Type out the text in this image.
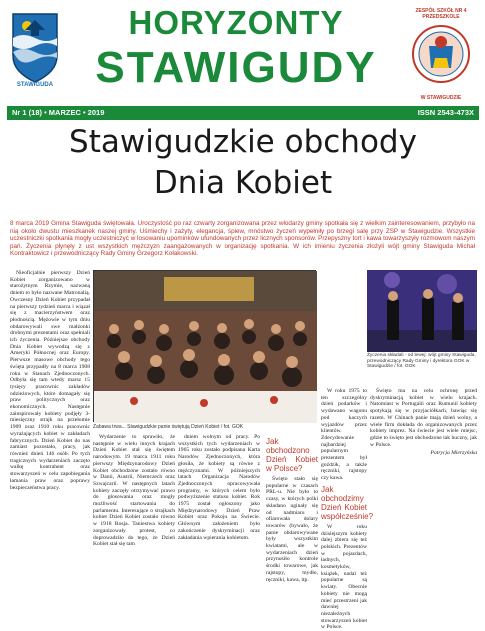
STAWIGUDA
HORYZONTY
STAWIGUDY
ZESPÓŁ SZKÓŁ NR 4 PRZEDSZKOLE
W STAWIGUDZIE
Nr 1 (18) • MARZEC • 2019	ISSN 2543-473X
Stawigudzkie obchody
Dnia Kobiet
8 marca 2019 Gmina Stawiguda świętowała. Uroczystość po raz czwarty zorganizowana przez włodarzy gminy spotkała się z wielkim zainteresowaniem, przybyło na nią około dwustu mieszkanek naszej gminy. Uśmiechy i zażyty, elegancja, śpiew, mnóstwo życzeń wypełniły po brzegi salę przy ZSP w Stawigudzie. Wszystkie uczestniczki spotkania mogły uczestniczyć w losowaniu upominków ufundowanych przez licznych sponsorów. Przepyszny tort i kawa towarzyszyły rozmowom naszym pań. Życzenia płynęły z ust wszystkich mężczyzn zaangażowanych w organizację spotkania. W ich imieniu życzenia złożyli wójt gminy Stawiguda Michał Kontraktowicz i przewodniczący Rady Gminy Grzegorz Kołakowski.

Nieoficjalnie pierwszy Dzień Kobiet zorganizowano w starożytnym Rzymie, nazwaną dniem to było nazwane Matronalią. Owczesny Dzień Kobiet przypadał na pierwszy tydzień marca i wiązał się z macierzyństwem oraz płodnością. Mężowie w tym dniu obdarowywali swe małżonki drobnymi prezentami oraz spełniali ich życzenia. Późniejsze obchody Dnia Kobiet wywodzą się z Ameryki Północnej oraz Europy. Pierwsze masowe obchody tego święta przypadły na 8 marca 1908 roku w Stanach Zjednoczonych. Odbyła się tam wtedy marsz 15 tysięcy pracownic zakładów odzieżowych, które domagały się praw politycznych oraz ekonomicznych. Następnie zainspirowały kobiety podjęły 3-miesięczny strajk na przełomie 1909 oraz 1910 roku pracownic wyrażających kobiet w zakładach fabrycznych. Dzień Kobiet do nas zamiast pozostało, pracy, jak również dnień 146 osób. Po tych tragicznych wydarzeniach zaczęto walkę kontrahent oraz stowarzyszeń w celu zapobiegania łamania praw oraz poprawy bezpieczeństwa pracy.

Zabawa trwa... Stawigudzkie panie świętują Dzień Kobiet / fot. GOK
Życzenia składali - od lewej: wójt gminy Stawiguda, przewodniczący Rady Gminy i dyrektora GOK w Stawigudzie / fot. GOK

Wydarzenie to sprawiło, że następnie w wielu innych krajach Dzień Kobiet stał się świętem narodowym. 19 marca 1911 roku pierwszy Międzynarodowy Dzień Kobiet obchodzone zostało równo w Danii, Austrii, Niemczech oraz Szwajcarii. W następnych latach kobiety zaczęły otrzymywać prawo do głosowania oraz mogły możliwość startowania do parlamentu. Interesujące o strajkach kobiet Dzień Kobiet zostało równo w 1918 Rosja. Taniestwa kobiety zorganizowały protest, co doprowadziło do tego, że Dzień Kobiet stał się tam

dniem wolnym od pracy. Po wszystkich tych wydarzeniach w 1965 roku zostało podpisana Karta Narodów Zjednoczonych, która głosiła, że kobiety są równe z mężczyznami. W późniejszych latach Organizacja Narodów Zjednoczonych opracowywała programy, w których celem było podwyższenie statusu kobiet. Rok 1975 został ogłoszony jako Międzynarodowy Dzień Praw Kobiet oraz Pokoju na Świecie. Głównym założeniem było zakończenie dyskryminacji oraz zakładania wpierania kobietom.

Jak obchodzono Dzień Kobiet w Polsce?

Święto stało się popularne w czasach PRL-u. Nie było to czasy, w których polki składano uginały się od nadmiaru i ofiarowała dolary towarów (bywało, że panie obdarowywane były wszystkim kwiatami, ale w wydarzeniach dzień przynosiło kontrole środki towarowe, jak rajstopy, mydło, ręczniki, kawa, itp.

W roku 1975 to ten szczególny dzień podarków i wydawano wagonu pod kaczych wyjazdów przez klientów. Zdecydowanie najbardziej popularnym prezentem był goździk, a także ręczniki, rajstopy czy kawa.

Jak obchodzimy Dzień Kobiet współcześnie?

W roku dzisiejszym kobiety dalej zbiera się też polskich. Prezentów w pojazdach, ładnych, kosmetyków, książek, nadal też popularne są kwiaty. Obecnie kobiety nie mogą mieć przestrzeni jak dawniej niezależnych stowarzyszeń kobiet w Polsce.

Święto ma na celu ochronę przed dyskryminacją kobiet w wielu krajach. Natomiast w Portugalii oraz Rumunii kobiety spotykają się w przyjaciółkach, bawiąc się razem. W Chinach panie mają dzień wolny, a wiele firm dokłada do organizowanych przez kobiety imprez. Na świecie jest wiele miejsc, gdzie to święto jest obchodzone tak huczny, jak w Polsce.

Patrycja Mierzyńska
